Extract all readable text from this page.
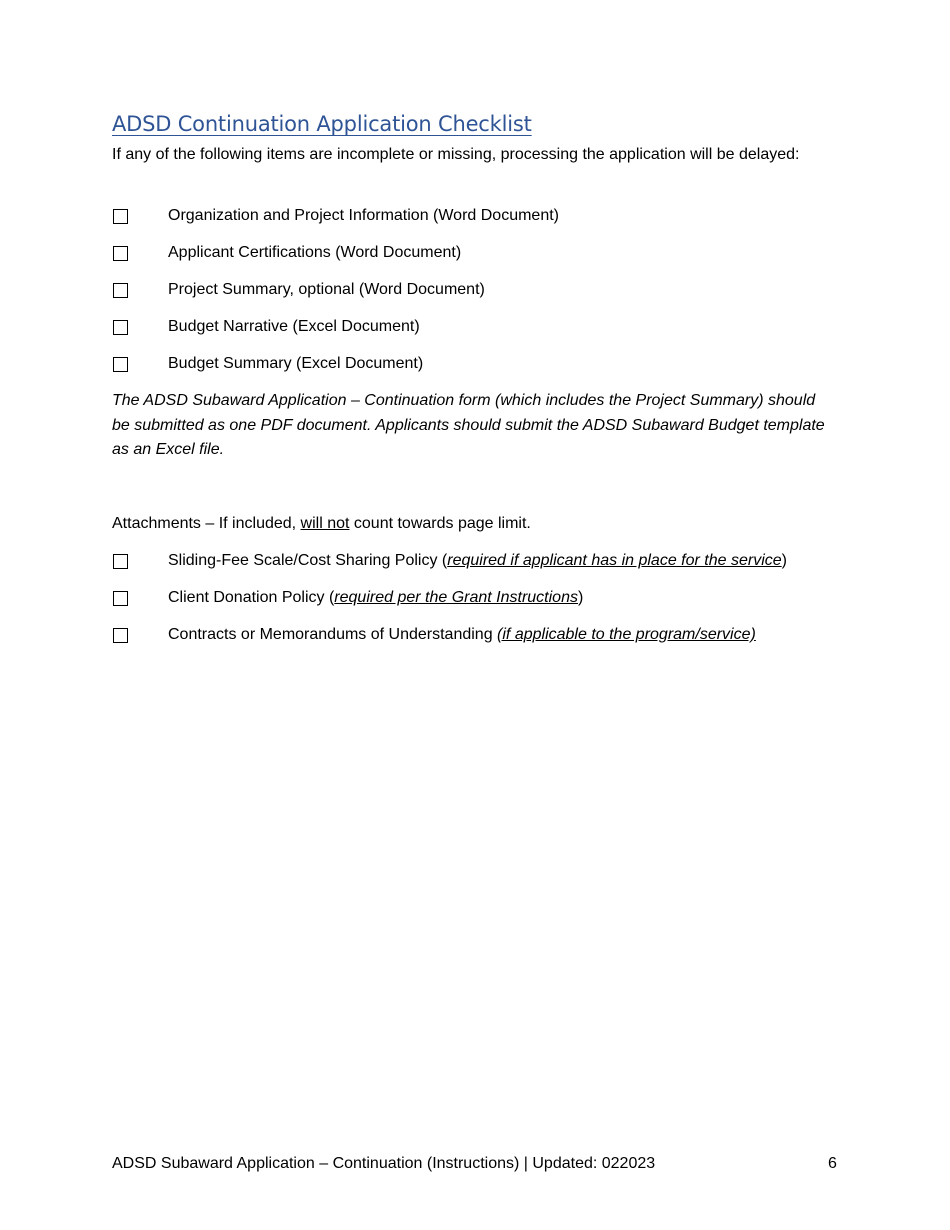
ADSD Continuation Application Checklist
If any of the following items are incomplete or missing, processing the application will be delayed:
Organization and Project Information (Word Document)
Applicant Certifications (Word Document)
Project Summary, optional (Word Document)
Budget Narrative (Excel Document)
Budget Summary (Excel Document)
The ADSD Subaward Application – Continuation form (which includes the Project Summary) should be submitted as one PDF document. Applicants should submit the ADSD Subaward Budget template as an Excel file.
Attachments – If included, will not count towards page limit.
Sliding-Fee Scale/Cost Sharing Policy (required if applicant has in place for the service)
Client Donation Policy (required per the Grant Instructions)
Contracts or Memorandums of Understanding (if applicable to the program/service)
ADSD Subaward Application – Continuation (Instructions) | Updated: 022023	6
